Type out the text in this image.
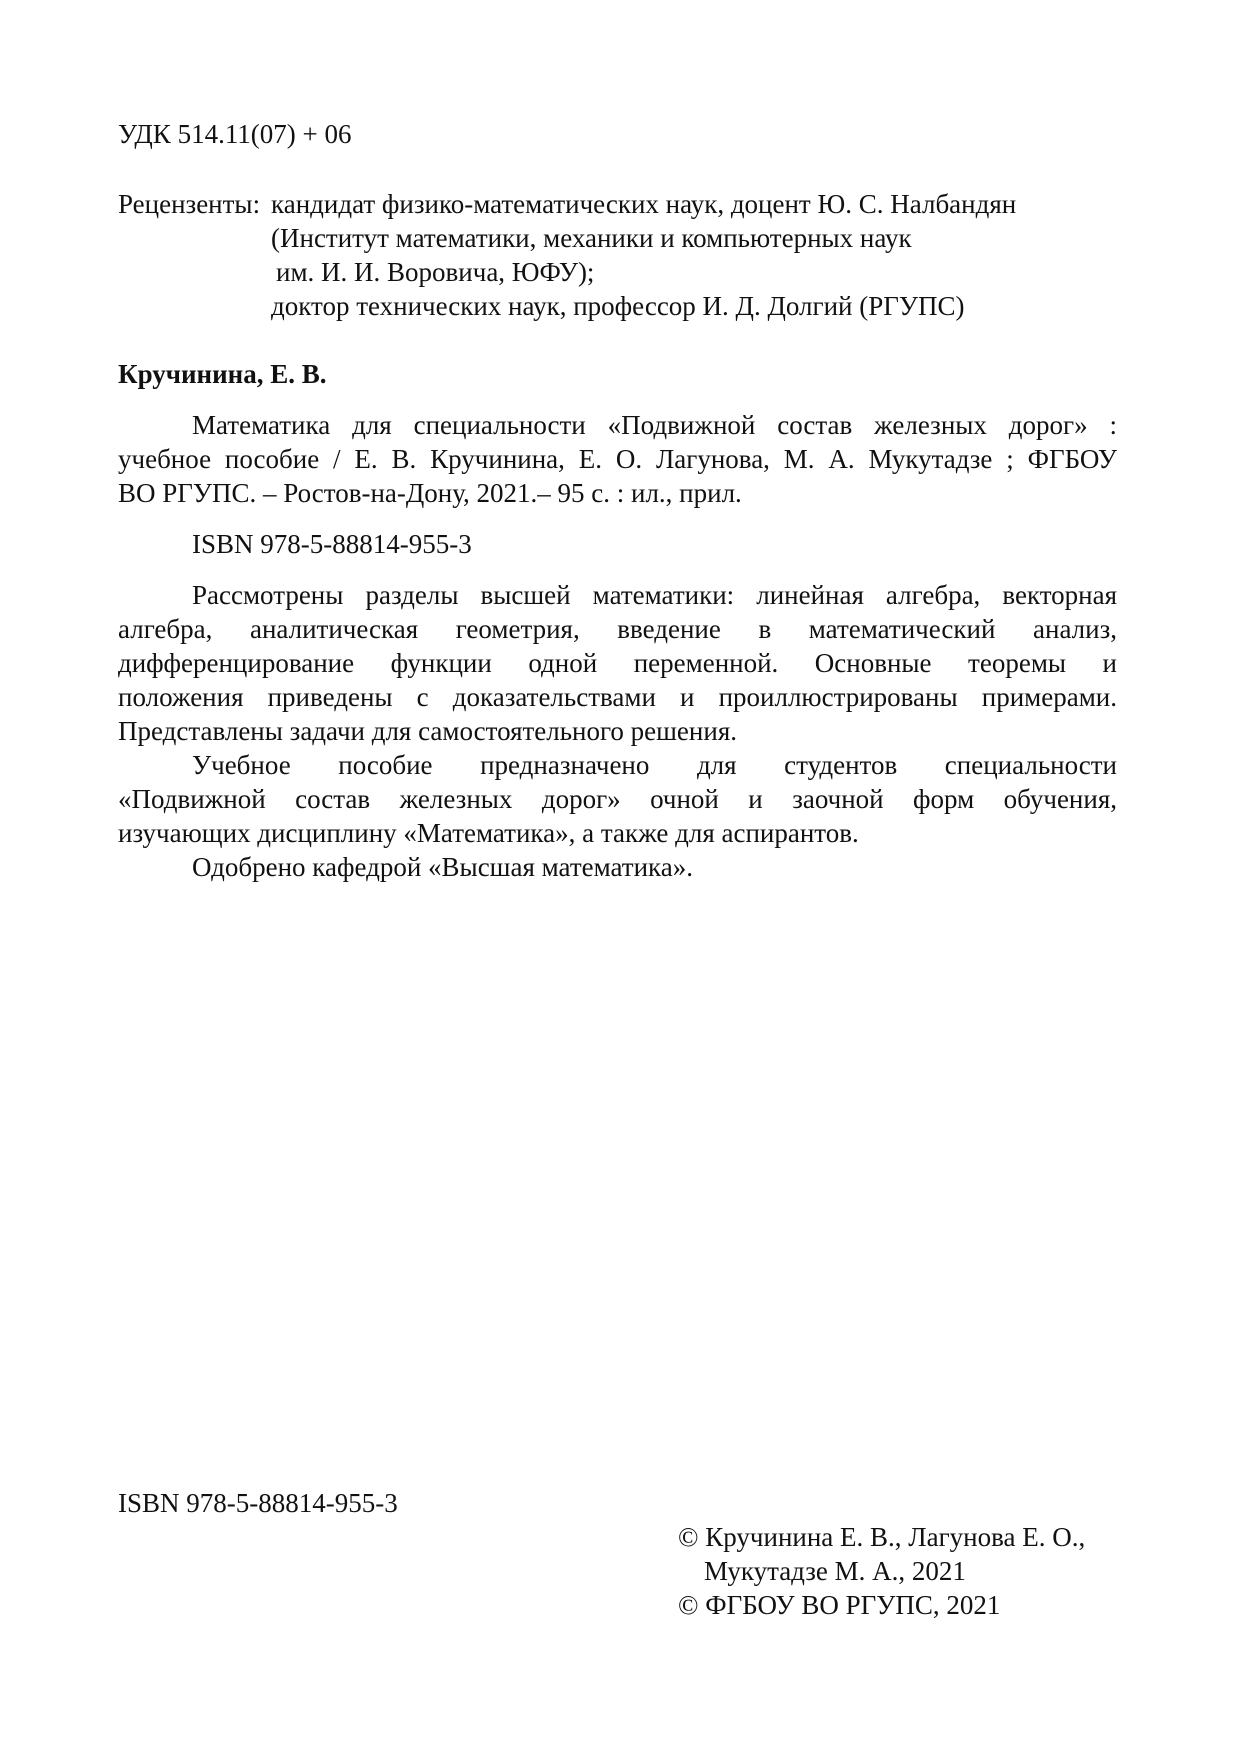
УДК 514.11(07) + 06
Рецензенты: кандидат физико-математических наук, доцент Ю. С. Налбандян
(Институт математики, механики и компьютерных наук
им. И. И. Воровича, ЮФУ);
доктор технических наук, профессор И. Д. Долгий (РГУПС)
Кручинина, Е. В.
Математика для специальности «Подвижной состав железных дорог» :
учебное пособие / Е. В. Кручинина, Е. О. Лагунова, М. А. Мукутадзе ; ФГБОУ
ВО РГУПС. – Ростов-на-Дону, 2021.– 95 с. : ил., прил.
ISBN 978-5-88814-955-3
Рассмотрены разделы высшей математики: линейная алгебра, векторная
алгебра, аналитическая геометрия, введение в математический анализ,
дифференцирование функции одной переменной. Основные теоремы и
положения приведены с доказательствами и проиллюстрированы примерами.
Представлены задачи для самостоятельного решения.
Учебное пособие предназначено для студентов специальности
«Подвижной состав железных дорог» очной и заочной форм обучения,
изучающих дисциплину «Математика», а также для аспирантов.
Одобрено кафедрой «Высшая математика».
ISBN 978-5-88814-955-3
© Кручинина Е. В., Лагунова Е. О.,
Мукутадзе М. А., 2021
© ФГБОУ ВО РГУПС, 2021
